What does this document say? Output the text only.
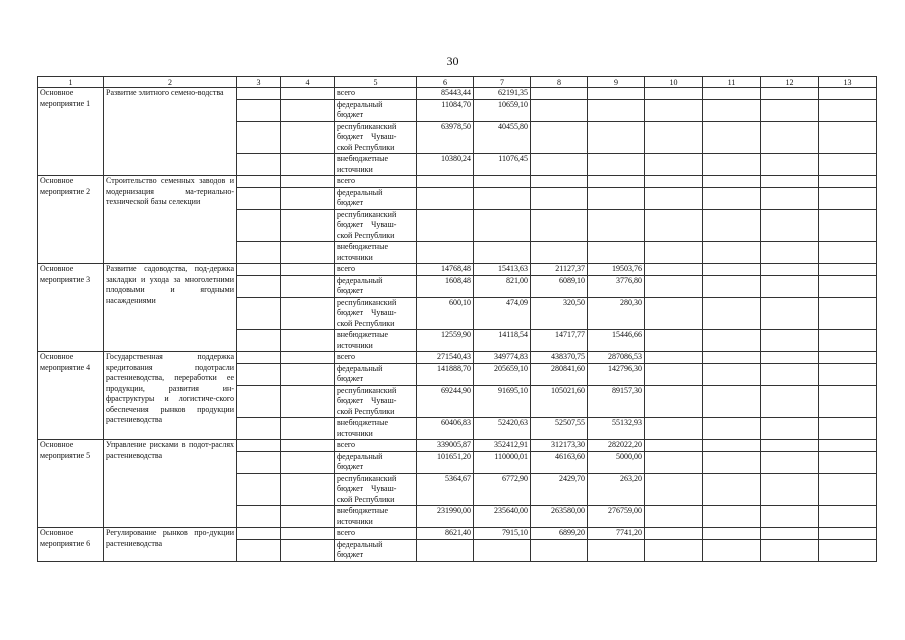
30
1	2	3	4	5	6	7	8	9	10	11	12	13
Основное мероприятие 1	Развитие элитного семено-водства			всего	85443,44	62191,35						
				федеральный
бюджет	11084,70	10659,10						
				республиканский
бюджет    Чуваш-
ской Республики	63978,50	40455,80						
				внебюджетные
источники	10380,24	11076,45						
Основное мероприятие 2	Строительство семенных заводов и модернизация ма-териально-технической базы селекции			всего								
				федеральный
бюджет								
				республиканский
бюджет    Чуваш-
ской Республики								
				внебюджетные
источники								
Основное мероприятие 3	Развитие садоводства, под-держка закладки и ухода за многолетними плодовыми и ягодными насаждениями			всего	14768,48	15413,63	21127,37	19503,76				
				федеральный
бюджет	1608,48	821,00	6089,10	3776,80				
				республиканский
бюджет    Чуваш-
ской Республики	600,10	474,09	320,50	280,30				
				внебюджетные
источники	12559,90	14118,54	14717,77	15446,66				
Основное мероприятие 4	Государственная поддержка кредитования подотрасли растениеводства, переработки ее продукции, развития ин-фраструктуры и логистиче-ского обеспечения рынков продукции растениеводства			всего	271540,43	349774,83	438370,75	287086,53				
				федеральный
бюджет	141888,70	205659,10	280841,60	142796,30				
				республиканский
бюджет    Чуваш-
ской Республики	69244,90	91695,10	105021,60	89157,30				
				внебюджетные
источники	60406,83	52420,63	52507,55	55132,93				
Основное мероприятие 5	Управление рисками в подот-раслях растениеводства			всего	339005,87	352412,91	312173,30	282022,20				
				федеральный
бюджет	101651,20	110000,01	46163,60	5000,00				
				республиканский
бюджет    Чуваш-
ской Республики	5364,67	6772,90	2429,70	263,20				
				внебюджетные
источники	231990,00	235640,00	263580,00	276759,00				
Основное мероприятие 6	Регулирование рынков про-дукции растениеводства			всего	8621,40	7915,10	6899,20	7741,20				
				федеральный
бюджет								
